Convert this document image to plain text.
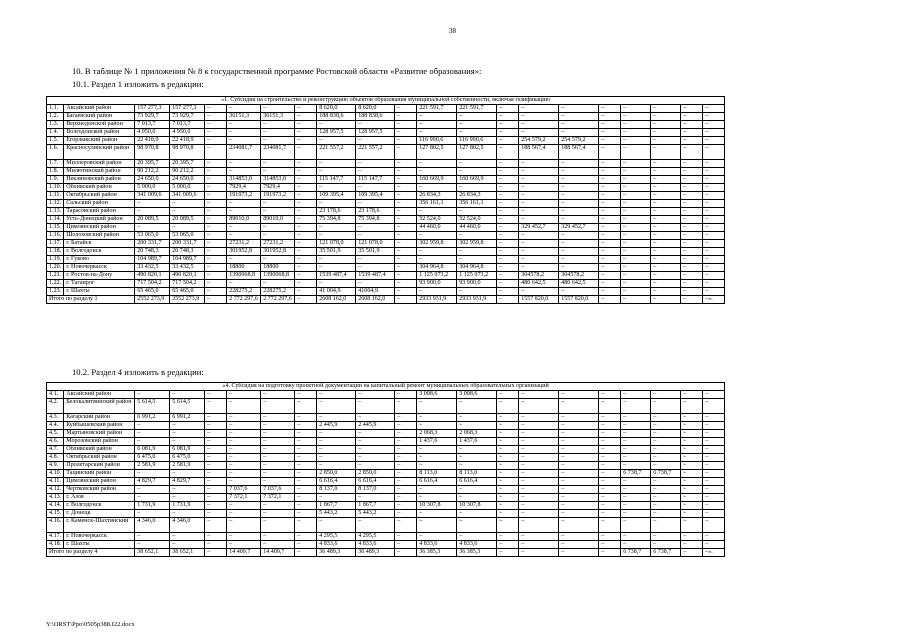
38
10. В таблице № 1 приложения № 8 к государственной программе Ростовской области «Развитие образования»:
10.1. Раздел 1 изложить в редакции:
«1. Субсидия на строительство и реконструкцию объектов образования муниципальной собственности, включая газификацию																				
1.1.	Аксайский район	157 277,3	157 277,3	–	–	–	–	8 620,0	8 620,0	–	221 591,7	221 591,7	–	–	–	–	–	–	–	–
1.2.	Багаевский район	73 929,7	73 929,7	–	36151,3	36151,3	–	188 838,6	188 838,6	–	–	–	–	–	–	–	–	–	–	–
1.3.	Верхнедонской район	7 013,7	7 013,7	–	–	–	–	–	–	–	–	–	–	–	–	–	–	–	–	–
1.4.	Волгодонской район	4 950,0	4 950,0	–	–	–	–	128 957,5	128 957,5	–	–	–	–	–	–	–	–	–	–	–
1.5.	Егорлыкский район	22 418,9	22 418,9	–	–	–	–	–	–	–	116 990,6	116 990,6	–	254 579,2	254 579,2	–	–	–	–	–
1.6.	Красносулинский район	98 970,8	98 970,8	–	234081,7	234081,7	–	221 557,2	221 557,2	–	127 802,5	127 802,5	–	188 567,4	188 567,4	–	–	–	–	–
1.7.	Миллеровский район	20 395,7	20 395,7	–	–	–	–	–	–	–	–	–	–	–	–	–	–	–	–	–
1.8.	Милютинский район	90 212,2	90 212,2	–	–	–	–	–	–	–	–	–	–	–	–	–	–	–	–	–
1.9.	Неклиновский район	24 650,0	24 650,0	–	314853,0	314853,0	–	115 147,7	115 147,7	–	160 669,9	160 669,9	–	–	–	–	–	–	–	–
1.10.	Обливский район	5 000,0	5 000,0	–	7929,4	7929,4	–	–	–	–	–	–	–	–	–	–	–	–	–	–
1.11.	Октябрьский район	341 009,6	341 009,6	–	191973,2	191973,2	–	109 395,4	109 395,4	–	26 834,3	26 834,3	–	–	–	–	–	–	–	–
1.12.	Сальский район	–	–	–	–	–	–	–	–	–	356 161,1	356 161,1	–	–	–	–	–	–	–	–
1.13.	Тарасовский район	–	–	–	–	–	–	23 178,6	23 178,6	–	–	–	–	–	–	–	–	–	–	–
1.14.	Усть-Донецкий район	20 089,5	20 089,5	–	89010,0	89010,0	–	75 394,8	75 394,8	–	52 524,0	52 524,0	–	–	–	–	–	–	–	–
1.15.	Цимлянский район	–	–	–	–	–	–	–	–	–	44 460,0	44 460,0	–	329 452,7	329 452,7	–	–	–	–	–
1.16.	Шолоховский район	53 065,0	53 065,0	–	–	–	–	–	–	–	–	–	–	–	–	–	–	–	–	–
1.17.	г. Батайск	200 331,7	200 331,7	–	27231,2	27231,2	–	121 078,0	121 078,0	–	302 959,8	302 959,8	–	–	–	–	–	–	–	–
1.18.	г. Волгодонск	20 748,3	20 748,3	–	301952,8	301952,8	–	35 501,9	35 501,9	–	–	–	–	–	–	–	–	–	–	–
1.19.	г. Гуково	104 989,7	104 989,7	–	–	–	–	–	–	–	–	–	–	–	–	–	–	–	–	–
1.20.	г. Новочеркасск	33 432,5	33 432,5	–	18800	18800	–	–	–	–	304 964,8	304 964,8	–	–	–	–	–	–	–	–
1.21.	г. Ростов-на-Дону	490 820,1	490 820,1	–	1390068,8	1390068,8	–	1539 487,4	1539 487,4	–	1 125 073,2	1 125 073,2	–	304578,2	304578,2	–	–	–	–	–
1.22.	г. Таганрог	717 504,2	717 504,2	–	–	–	–	–	–	–	93 900,0	93 900,0	–	480 642,5	480 642,5	–	–	–	–	–
1.23.	г. Шахты	65 465,0	65 465,0	–	228275,2	228275,2	–	41 004,9	41004,9	–	–	–	–	–	–	–	–	–	–	–
Итого по разделу 1		2552 273,9	2552 273,9	–	2 772 297,6	2 772 297,6	–	2608 162,0	2608 162,0	–	2933 931,9	2933 931,9	–	1557 820,0	1557 820,0	–	–	–	–	–».
10.2. Раздел 4 изложить в редакции:
«4. Субсидия на подготовку проектной документации на капитальный ремонт муниципальных образовательных организаций																				
4.1.	Аксайский район	–	–	–	–	–	–	–	–	–	3 008,6	3 008,6	–	–	–	–	–	–	–	–
4.2.	Белокалитвинский район	5 614,5	5 614,5	–	–	–	–	–	–	–	–	–	–	–	–	–	–	–	–	–
4.3.	Кагарский район	6 991,2	6 991,2	–	–	–	–	–	–	–	–	–	–	–	–	–	–	–	–	–
4.4.	Куйбышевский район	–	–	–	–	–	–	2 445,9	2 445,9	–	–	–	–	–	–	–	–	–	–	–
4.5.	Мартыновский район	–	–	–	–	–	–	–	–	–	2 068,3	2 068,3	–	–	–	–	–	–	–	–
4.6.	Морозовский район	–	–	–	–	–	–	–	–	–	1 437,6	1 437,6	–	–	–	–	–	–	–	–
4.7.	Обливский район	6 081,9	6 081,9	–	–	–	–	–	–	–	–	–	–	–	–	–	–	–	–	–
4.8.	Октябрьский район	6 475,0	6 475,0	–	–	–	–	–	–	–	–	–	–	–	–	–	–	–	–	–
4.9.	Пролетарский район	2 581,9	2 581,9	–	–	–	–	–	–	–	–	–	–	–	–	–	–	–	–	–
4.10.	Тацинский район	–	–	–	–	–	–	2 850,0	2 850,0	–	8 113,0	8 113,0	–	–	–	–	6 738,7	6 738,7	–	–
4.11.	Цимлянский район	4 829,7	4 829,7	–	–	–	–	6 616,4	6 616,4	–	6 616,4	6 616,4	–	–	–	–	–	–	–	–
4.12.	Чертковский район	–	–	–	7 037,6	7 037,6	–	8 137,0	8 137,0	–	–	–	–	–	–	–	–	–	–	–
4.13.	г. Азов	–	–	–	7 372,1	7 372,1	–	–	–	–	–	–	–	–	–	–	–	–	–	–
4.14.	г. Волгодонск	1 731,9	1 731,9	–	–	–	–	1 867,7	1 867,7	–	10 307,8	10 307,8	–	–	–	–	–	–	–	–
4.15.	г. Донецк	–	–	–	–	–	–	5 443,2	5 443,2	–	–	–	–	–	–	–	–	–	–	–
4.16.	г. Каменск-Шахтинский	4 346,0	4 346,0	–	–	–	–	–	–	–	–	–	–	–	–	–	–	–	–	–
4.17.	г. Новочеркасск	–	–	–	–	–	–	4 295,5	4 295,5	–	–	–	–	–	–	–	–	–	–	–
4.18.	г. Шахты	–	–	–	–	–	–	4 833,6	4 833,6	–	4 833,6	4 833,6	–	–	–	–	–	–	–	–
Итого по разделу 4		38 652,1	38 652,1	–	14 409,7	14 409,7	–	36 489,3	36 489,3	–	36 385,3	36 385,3	–	–	–	–	6 738,7	6 738,7	–	–».
Y:\ORST\Ppo\0505p388.f22.docx
